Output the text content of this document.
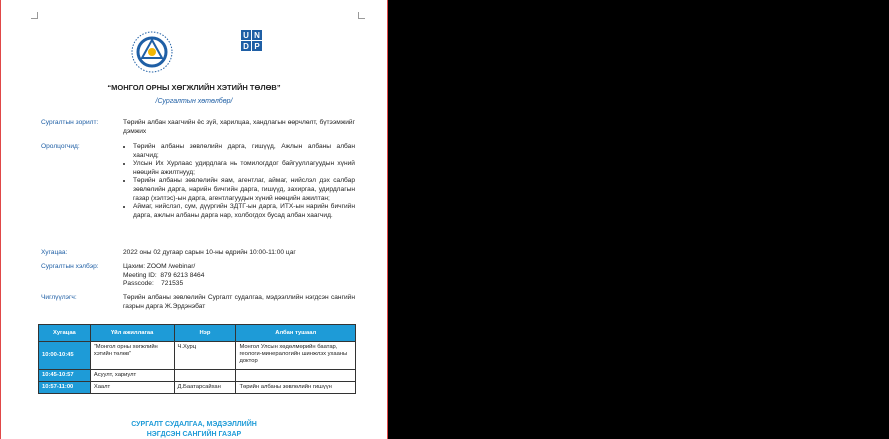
U N
D P
“МОНГОЛ ОРНЫ ХӨГЖЛИЙН ХЭТИЙН ТӨЛӨВ”
/Сургалтын хөтөлбөр/
Сургалтын зорилт:	Төрийн албан хаагчийн ёс зүй, харилцаа, хандлагын өөрчлөлт, бүтээмжийг дэмжих
Оролцогчид:	• Төрийн албаны зөвлөлийн дарга, гишүүд, Ажлын албаны албан хаагчид;
• Улсын Их Хурлаас удирдлага нь томилогддог байгууллагуудын хүний нөөцийн ажилтнууд;
• Төрийн албаны зөвлөлийн яам, агентлаг, аймаг, нийслэл дэх салбар зөвлөлийн дарга, нарийн бичгийн дарга, гишүүд, захиргаа, удирдлагын газар (хэлтэс)-ын дарга, агентлагуудын хүний нөөцийн ажилтан;
• Аймаг, нийслэл, сум, дүүргийн ЗДТГ-ын дарга, ИТХ-ын нарийн бичгийн дарга, ажлын албаны дарга нар, холбогдох бусад албан хаагчид.
Хугацаа:	2022 оны 02 дугаар сарын 10-ны өдрийн 10:00-11:00 цаг
Сургалтын хэлбэр:	Цахим: ZOOM /webinar/
Meeting ID:  879 6213 8464
Passcode:    721535
Чиглүүлэгч:	Төрийн албаны зөвлөлийн Сургалт судалгаа, мэдээллийн нэгдсэн сангийн газрын дарга Ж.Эрдэнэбат
Хугацаа	Үйл ажиллагаа	Нэр	Албан тушаал
10:00-10:45	“Монгол орны хөгжлийн хэтийн төлөв”	Ч.Хурц	Монгол Улсын хөдөлмөрийн баатар, геологи-минералогийн шинжлэх ухааны доктор
10:45-10:57	Асуулт, хариулт		
10:57-11:00	Хаалт	Д.Баатарсайхан	Төрийн албаны зөвлөлийн гишүүн
СУРГАЛТ СУДАЛГАА, МЭДЭЭЛЛИЙН
НЭГДСЭН САНГИЙН ГАЗАР
